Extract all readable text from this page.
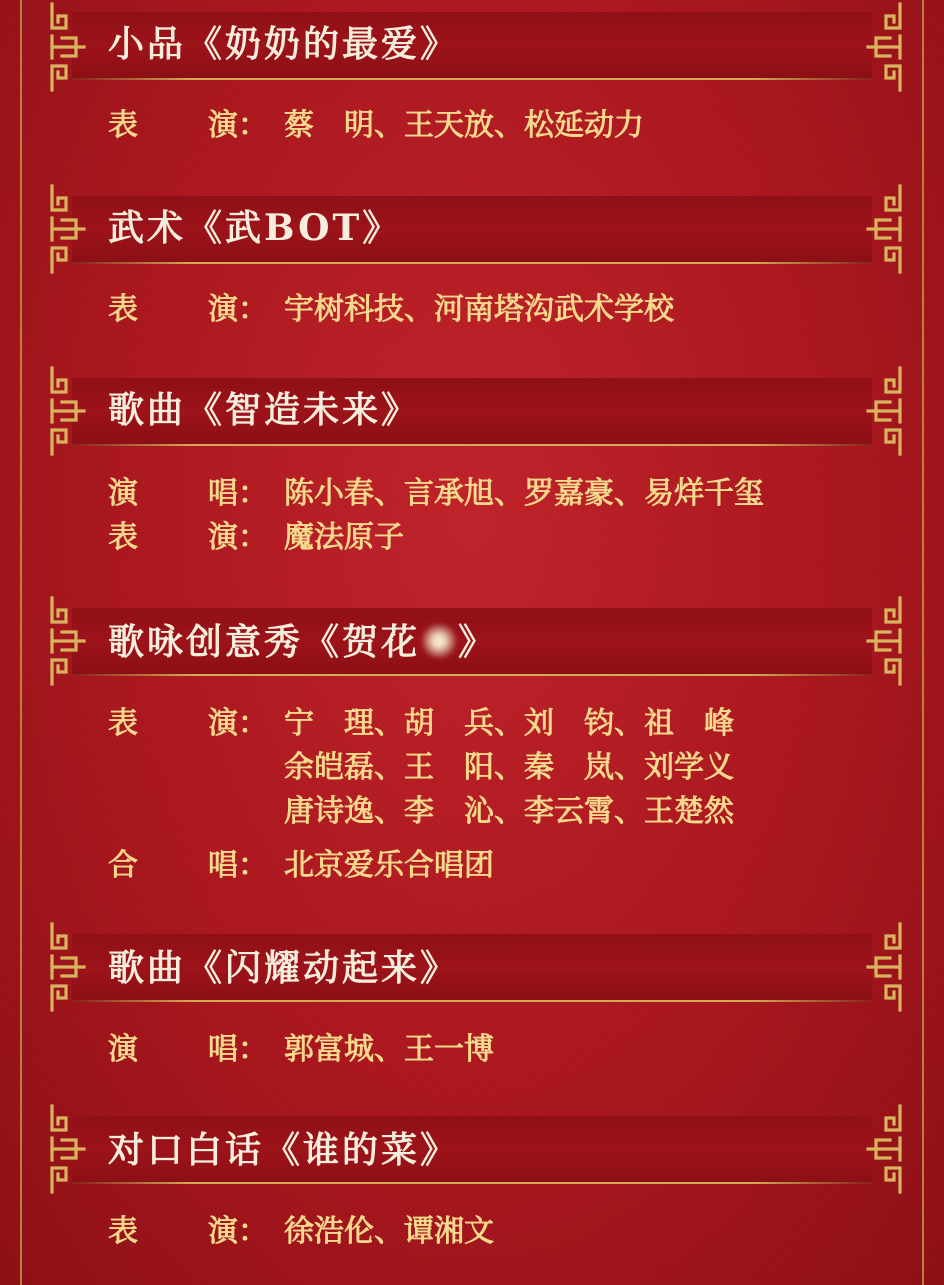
小品《奶奶的最爱》
表 演： 蔡　明、王天放、松延动力
武术《武BOT》
表 演： 宇树科技、河南塔沟武术学校
歌曲《智造未来》
演 唱： 陈小春、言承旭、罗嘉豪、易烊千玺
表 演： 魔法原子
歌咏创意秀《贺花 》
表 演： 宁　理、胡　兵、刘　钧、祖　峰
余皑磊、王　阳、秦　岚、刘学义
唐诗逸、李　沁、李云霄、王楚然
合 唱： 北京爱乐合唱团
歌曲《闪耀动起来》
演 唱： 郭富城、王一博
对口白话《谁的菜》
表 演： 徐浩伦、谭湘文
